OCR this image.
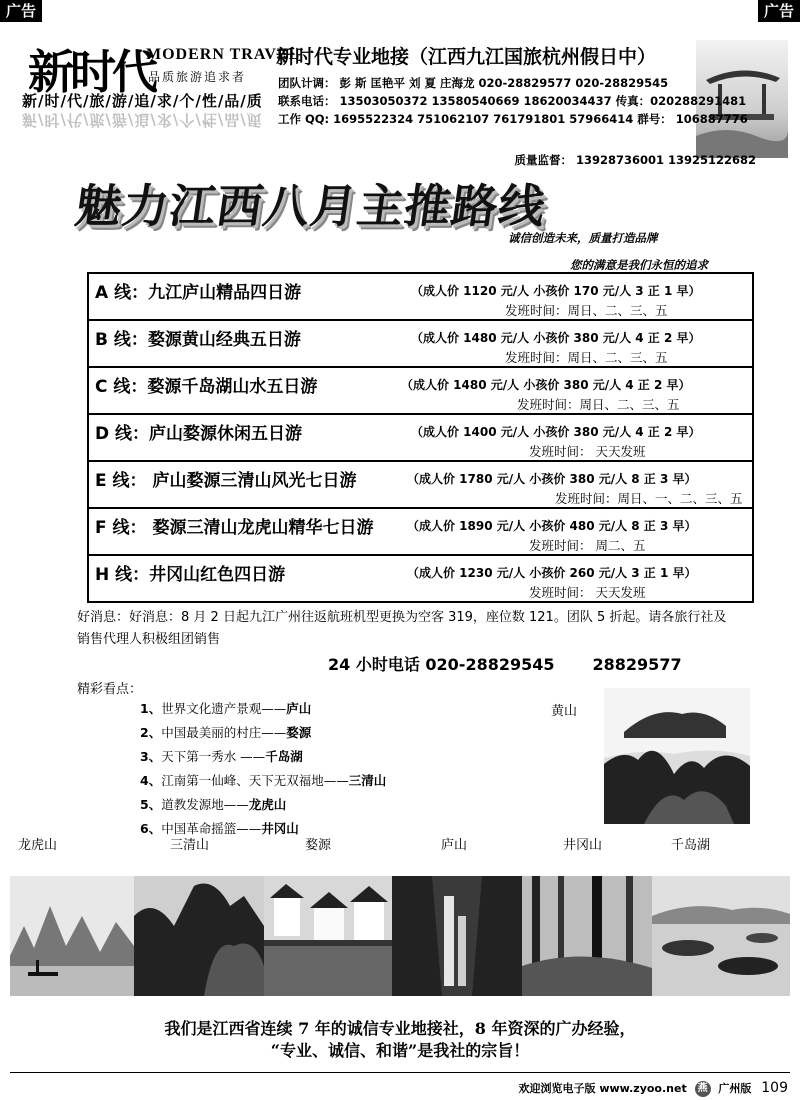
广告	广告
新时代
MODERN TRAVEL
品质旅游追求者
新/时/代/旅/游/追/求/个/性/品/质
新/时/代/旅/游/追/求/个/性/品/质
新时代专业地接（江西九江国旅杭州假日中）
团队计调： 彭 斯 匡艳平 刘 夏 庄海龙 020-28829577 020-28829545
联系电话： 13503050372 13580540669 18620034437 传真：020288291481
工作 QQ: 1695522324 751062107 761791801 57966414 群号： 106887776
质量监督： 13928736001 13925122682
魅力江西八月主推路线
诚信创造未来，质量打造品牌
您的满意是我们永恒的追求
A 线：九江庐山精品四日游	（成人价 1120 元/人 小孩价 170 元/人 3 正 1 早）
发班时间：周日、二、三、五
B 线：婺源黄山经典五日游	（成人价 1480 元/人 小孩价 380 元/人 4 正 2 早）
发班时间：周日、二、三、五
C 线：婺源千岛湖山水五日游	（成人价 1480 元/人 小孩价 380 元/人 4 正 2 早）
发班时间：周日、二、三、五
D 线：庐山婺源休闲五日游	（成人价 1400 元/人 小孩价 380 元/人 4 正 2 早）
发班时间： 天天发班
E 线： 庐山婺源三清山风光七日游	（成人价 1780 元/人 小孩价 380 元/人 8 正 3 早）
发班时间：周日、一、二、三、五
F 线： 婺源三清山龙虎山精华七日游	（成人价 1890 元/人 小孩价 480 元/人 8 正 3 早）
发班时间： 周二、五
H 线：井冈山红色四日游	（成人价 1230 元/人 小孩价 260 元/人 3 正 1 早）
发班时间： 天天发班
好消息：好消息：8 月 2 日起九江广州往返航班机型更换为空客 319，座位数 121。团队 5 折起。请各旅行社及销售代理人积极组团销售
24 小时电话 020-28829545 28829577
精彩看点：
1、世界文化遗产景观——庐山
2、中国最美丽的村庄——婺源
3、天下第一秀水 ——千岛湖
4、江南第一仙峰、天下无双福地——三清山
5、道教发源地——龙虎山
6、中国革命摇篮——井冈山
黄山
龙虎山	三清山	婺源	庐山	井冈山	千岛湖
我们是江西省连续 7 年的诚信专业地接社，8 年资深的广办经验，
“专业、诚信、和谐”是我社的宗旨！
欢迎浏览电子版 www.zyoo.net 燕 广州版 109
